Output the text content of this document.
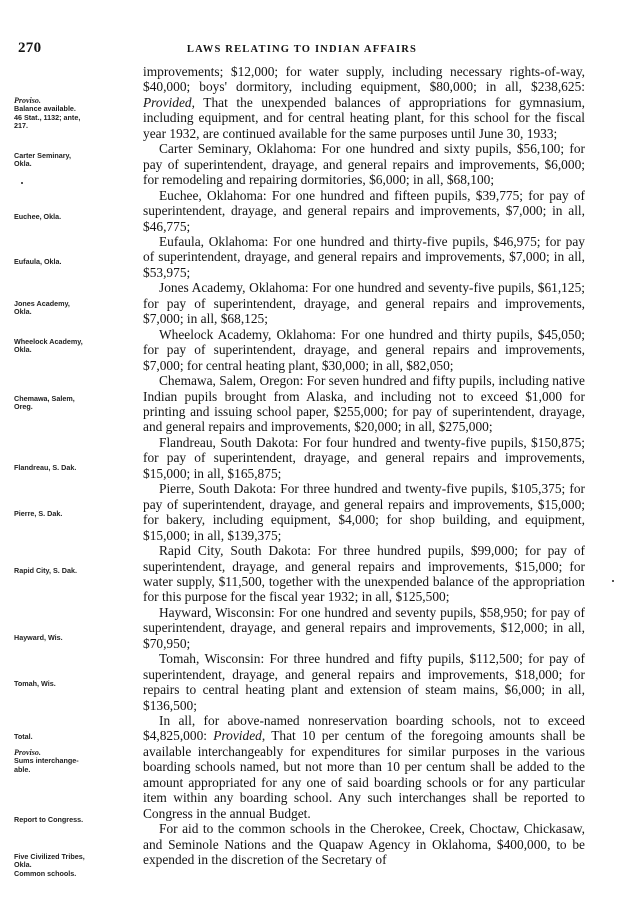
270	LAWS RELATING TO INDIAN AFFAIRS

improvements; $12,000; for water supply, including necessary rights-of-way, $40,000; boys' dormitory, including equipment, $80,000; in all, $238,625: Provided, That the unexpended balances of appropriations for gymnasium, including equipment, and for central heating plant, for this school for the fiscal year 1932, are continued available for the same purposes until June 30, 1933;

Carter Seminary, Oklahoma: For one hundred and sixty pupils, $56,100; for pay of superintendent, drayage, and general repairs and improvements, $6,000; for remodeling and repairing dormitories, $6,000; in all, $68,100;

Euchee, Oklahoma: For one hundred and fifteen pupils, $39,775; for pay of superintendent, drayage, and general repairs and improvements, $7,000; in all, $46,775;

Eufaula, Oklahoma: For one hundred and thirty-five pupils, $46,975; for pay of superintendent, drayage, and general repairs and improvements, $7,000; in all, $53,975;

Jones Academy, Oklahoma: For one hundred and seventy-five pupils, $61,125; for pay of superintendent, drayage, and general repairs and improvements, $7,000; in all, $68,125;

Wheelock Academy, Oklahoma: For one hundred and thirty pupils, $45,050; for pay of superintendent, drayage, and general repairs and improvements, $7,000; for central heating plant, $30,000; in all, $82,050;

Chemawa, Salem, Oregon: For seven hundred and fifty pupils, including native Indian pupils brought from Alaska, and including not to exceed $1,000 for printing and issuing school paper, $255,000; for pay of superintendent, drayage, and general repairs and improvements, $20,000; in all, $275,000;

Flandreau, South Dakota: For four hundred and twenty-five pupils, $150,875; for pay of superintendent, drayage, and general repairs and improvements, $15,000; in all, $165,875;

Pierre, South Dakota: For three hundred and twenty-five pupils, $105,375; for pay of superintendent, drayage, and general repairs and improvements, $15,000; for bakery, including equipment, $4,000; for shop building, and equipment, $15,000; in all, $139,375;

Rapid City, South Dakota: For three hundred pupils, $99,000; for pay of superintendent, drayage, and general repairs and improvements, $15,000; for water supply, $11,500, together with the unexpended balance of the appropriation for this purpose for the fiscal year 1932; in all, $125,500;

Hayward, Wisconsin: For one hundred and seventy pupils, $58,950; for pay of superintendent, drayage, and general repairs and improvements, $12,000; in all, $70,950;

Tomah, Wisconsin: For three hundred and fifty pupils, $112,500; for pay of superintendent, drayage, and general repairs and improvements, $18,000; for repairs to central heating plant and extension of steam mains, $6,000; in all, $136,500;

In all, for above-named nonreservation boarding schools, not to exceed $4,825,000: Provided, That 10 per centum of the foregoing amounts shall be available interchangeably for expenditures for similar purposes in the various boarding schools named, but not more than 10 per centum shall be added to the amount appropriated for any one of said boarding schools or for any particular item within any boarding school. Any such interchanges shall be reported to Congress in the annual Budget.

For aid to the common schools in the Cherokee, Creek, Choctaw, Chickasaw, and Seminole Nations and the Quapaw Agency in Oklahoma, $400,000, to be expended in the discretion of the Secretary of

Proviso.
Balance available.
46 Stat., 1132; ante,
217.
Carter Seminary,
Okla.
Euchee, Okla.
Eufaula, Okla.
Jones Academy,
Okla.
Wheelock Academy,
Okla.
Chemawa, Salem,
Oreg.
Flandreau, S. Dak.
Pierre, S. Dak.
Rapid City, S. Dak.
Hayward, Wis.
Tomah, Wis.
Total.
Proviso.
Sums interchange-
able.
Report to Congress.
Five Civilized Tribes,
Okla.
Common schools.
